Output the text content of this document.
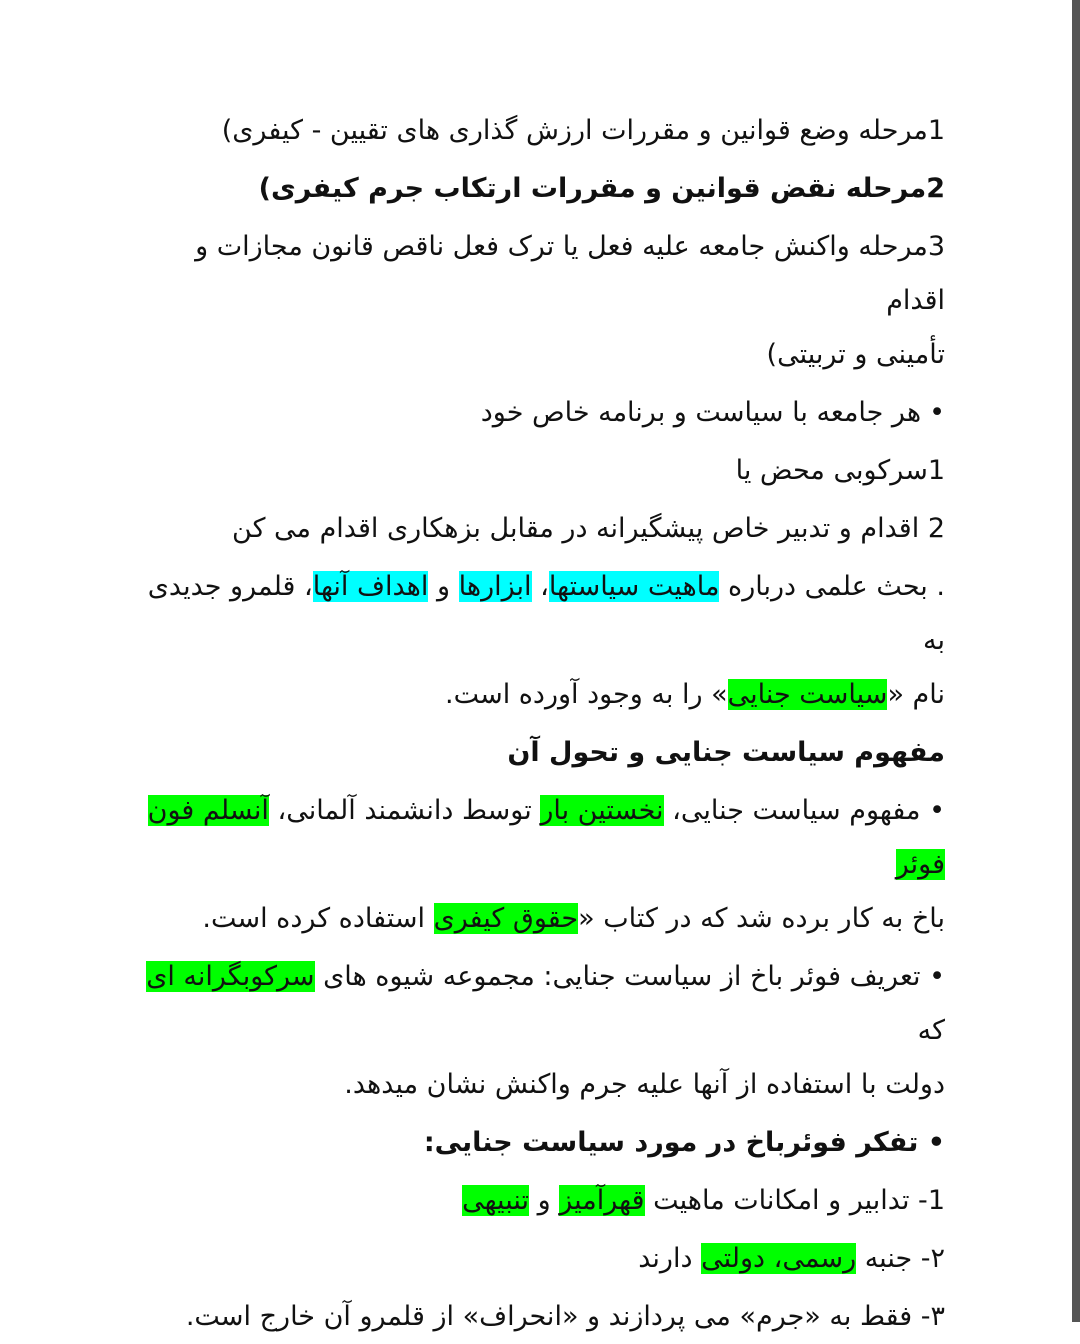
1مرحله وضع قوانین و مقررات ارزش گذاری های تقیین - کیفری)

2مرحله نقض قوانین و مقررات ارتکاب جرم کیفری)

3مرحله واکنش جامعه علیه فعل یا ترک فعل ناقص قانون مجازات و اقدام

تأمینی و تربیتی)

•هر جامعه با سیاست و برنامه خاص خود

1سرکوبی محض یا

2 اقدام و تدبیر خاص پیشگیرانه در مقابل بزهکاری اقدام می کن

. بحث علمی درباره ماهیت سیاستها، ابزارها و اهداف آنها، قلمرو جدیدی به

نام «سیاست جنایی» را به وجود آورده است.

مفهوم سیاست جنایی و تحول آن

• مفهوم سیاست جنایی، نخستین بار توسط دانشمند آلمانی، آنسلم فون فوئر

باخ به کار برده شد که در کتاب «حقوق کیفری استفاده کرده است.

• تعریف فوئر باخ از سیاست جنایی: مجموعه شیوه های سرکوبگرانه ای که

دولت با استفاده از آنها علیه جرم واکنش نشان میدهد.

• تفکر فوئرباخ در مورد سیاست جنایی:

1- تدابیر و امکانات ماهیت قهرآمیز و تنبیهی

۲- جنبه رسمی، دولتی دارند

۳- فقط به «جرم» می پردازند و «انحراف» از قلمرو آن خارج است.
